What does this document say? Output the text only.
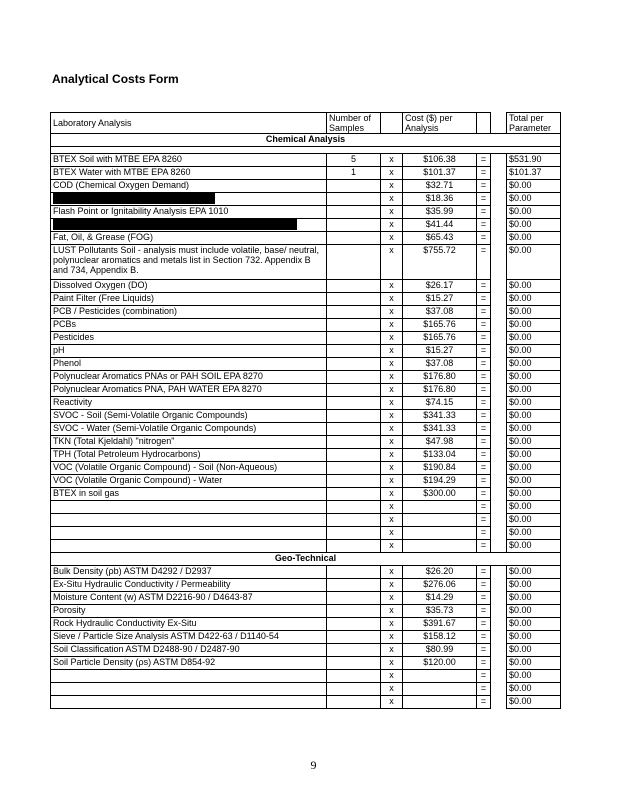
Analytical Costs Form
Laboratory Analysis	Number of Samples		Cost ($) per Analysis			Total per Parameter
Chemical Analysis						

BTEX Soil with MTBE EPA 8260	5	x	$106.38	=		$531.90
BTEX Water with MTBE EPA 8260	1	x	$101.37	=		$101.37
COD (Chemical Oxygen Demand)		x	$32.71	=		$0.00
		x	$18.36	=		$0.00
Flash Point or Ignitability Analysis EPA 1010		x	$35.99	=		$0.00
		x	$41.44	=		$0.00
Fat, Oil, & Grease (FOG)		x	$65.43	=		$0.00
LUST Pollutants Soil - analysis must include volatile, base/ neutral, polynuclear aromatics and metals list in Section 732. Appendix B and 734, Appendix B.		x	$755.72	=		$0.00
Dissolved Oxygen (DO)		x	$26.17	=		$0.00
Paint Filter (Free Liquids)		x	$15.27	=		$0.00
PCB / Pesticides (combination)		x	$37.08	=		$0.00
PCBs		x	$165.76	=		$0.00
Pesticides		x	$165.76	=		$0.00
pH		x	$15.27	=		$0.00
Phenol		x	$37.08	=		$0.00
Polynuclear Aromatics PNAs or PAH SOIL EPA 8270		x	$176.80	=		$0.00
Polynuclear Aromatics PNA, PAH WATER EPA 8270		x	$176.80	=		$0.00
Reactivity		x	$74.15	=		$0.00
SVOC - Soil (Semi-Volatile Organic Compounds)		x	$341.33	=		$0.00
SVOC - Water (Semi-Volatile Organic Compounds)		x	$341.33	=		$0.00
TKN (Total Kjeldahl) "nitrogen"		x	$47.98	=		$0.00
TPH (Total Petroleum Hydrocarbons)		x	$133.04	=		$0.00
VOC (Volatile Organic Compound) - Soil (Non-Aqueous)		x	$190.84	=		$0.00
VOC (Volatile Organic Compound) - Water		x	$194.29	=		$0.00
BTEX in soil gas		x	$300.00	=		$0.00
		x		=		$0.00
		x		=		$0.00
		x		=		$0.00
		x		=		$0.00
Geo-Technical						
Bulk Density (ρb) ASTM D4292 / D2937		x	$26.20	=		$0.00
Ex-Situ Hydraulic Conductivity / Permeability		x	$276.06	=		$0.00
Moisture Content (w) ASTM D2216-90 / D4643-87		x	$14.29	=		$0.00
Porosity		x	$35.73	=		$0.00
Rock Hydraulic Conductivity Ex-Situ		x	$391.67	=		$0.00
Sieve / Particle Size Analysis ASTM D422-63 / D1140-54		x	$158.12	=		$0.00
Soil Classification ASTM D2488-90 / D2487-90		x	$80.99	=		$0.00
Soil Particle Density (ρs) ASTM D854-92		x	$120.00	=		$0.00
		x		=		$0.00
		x		=		$0.00
		x		=		$0.00
9
